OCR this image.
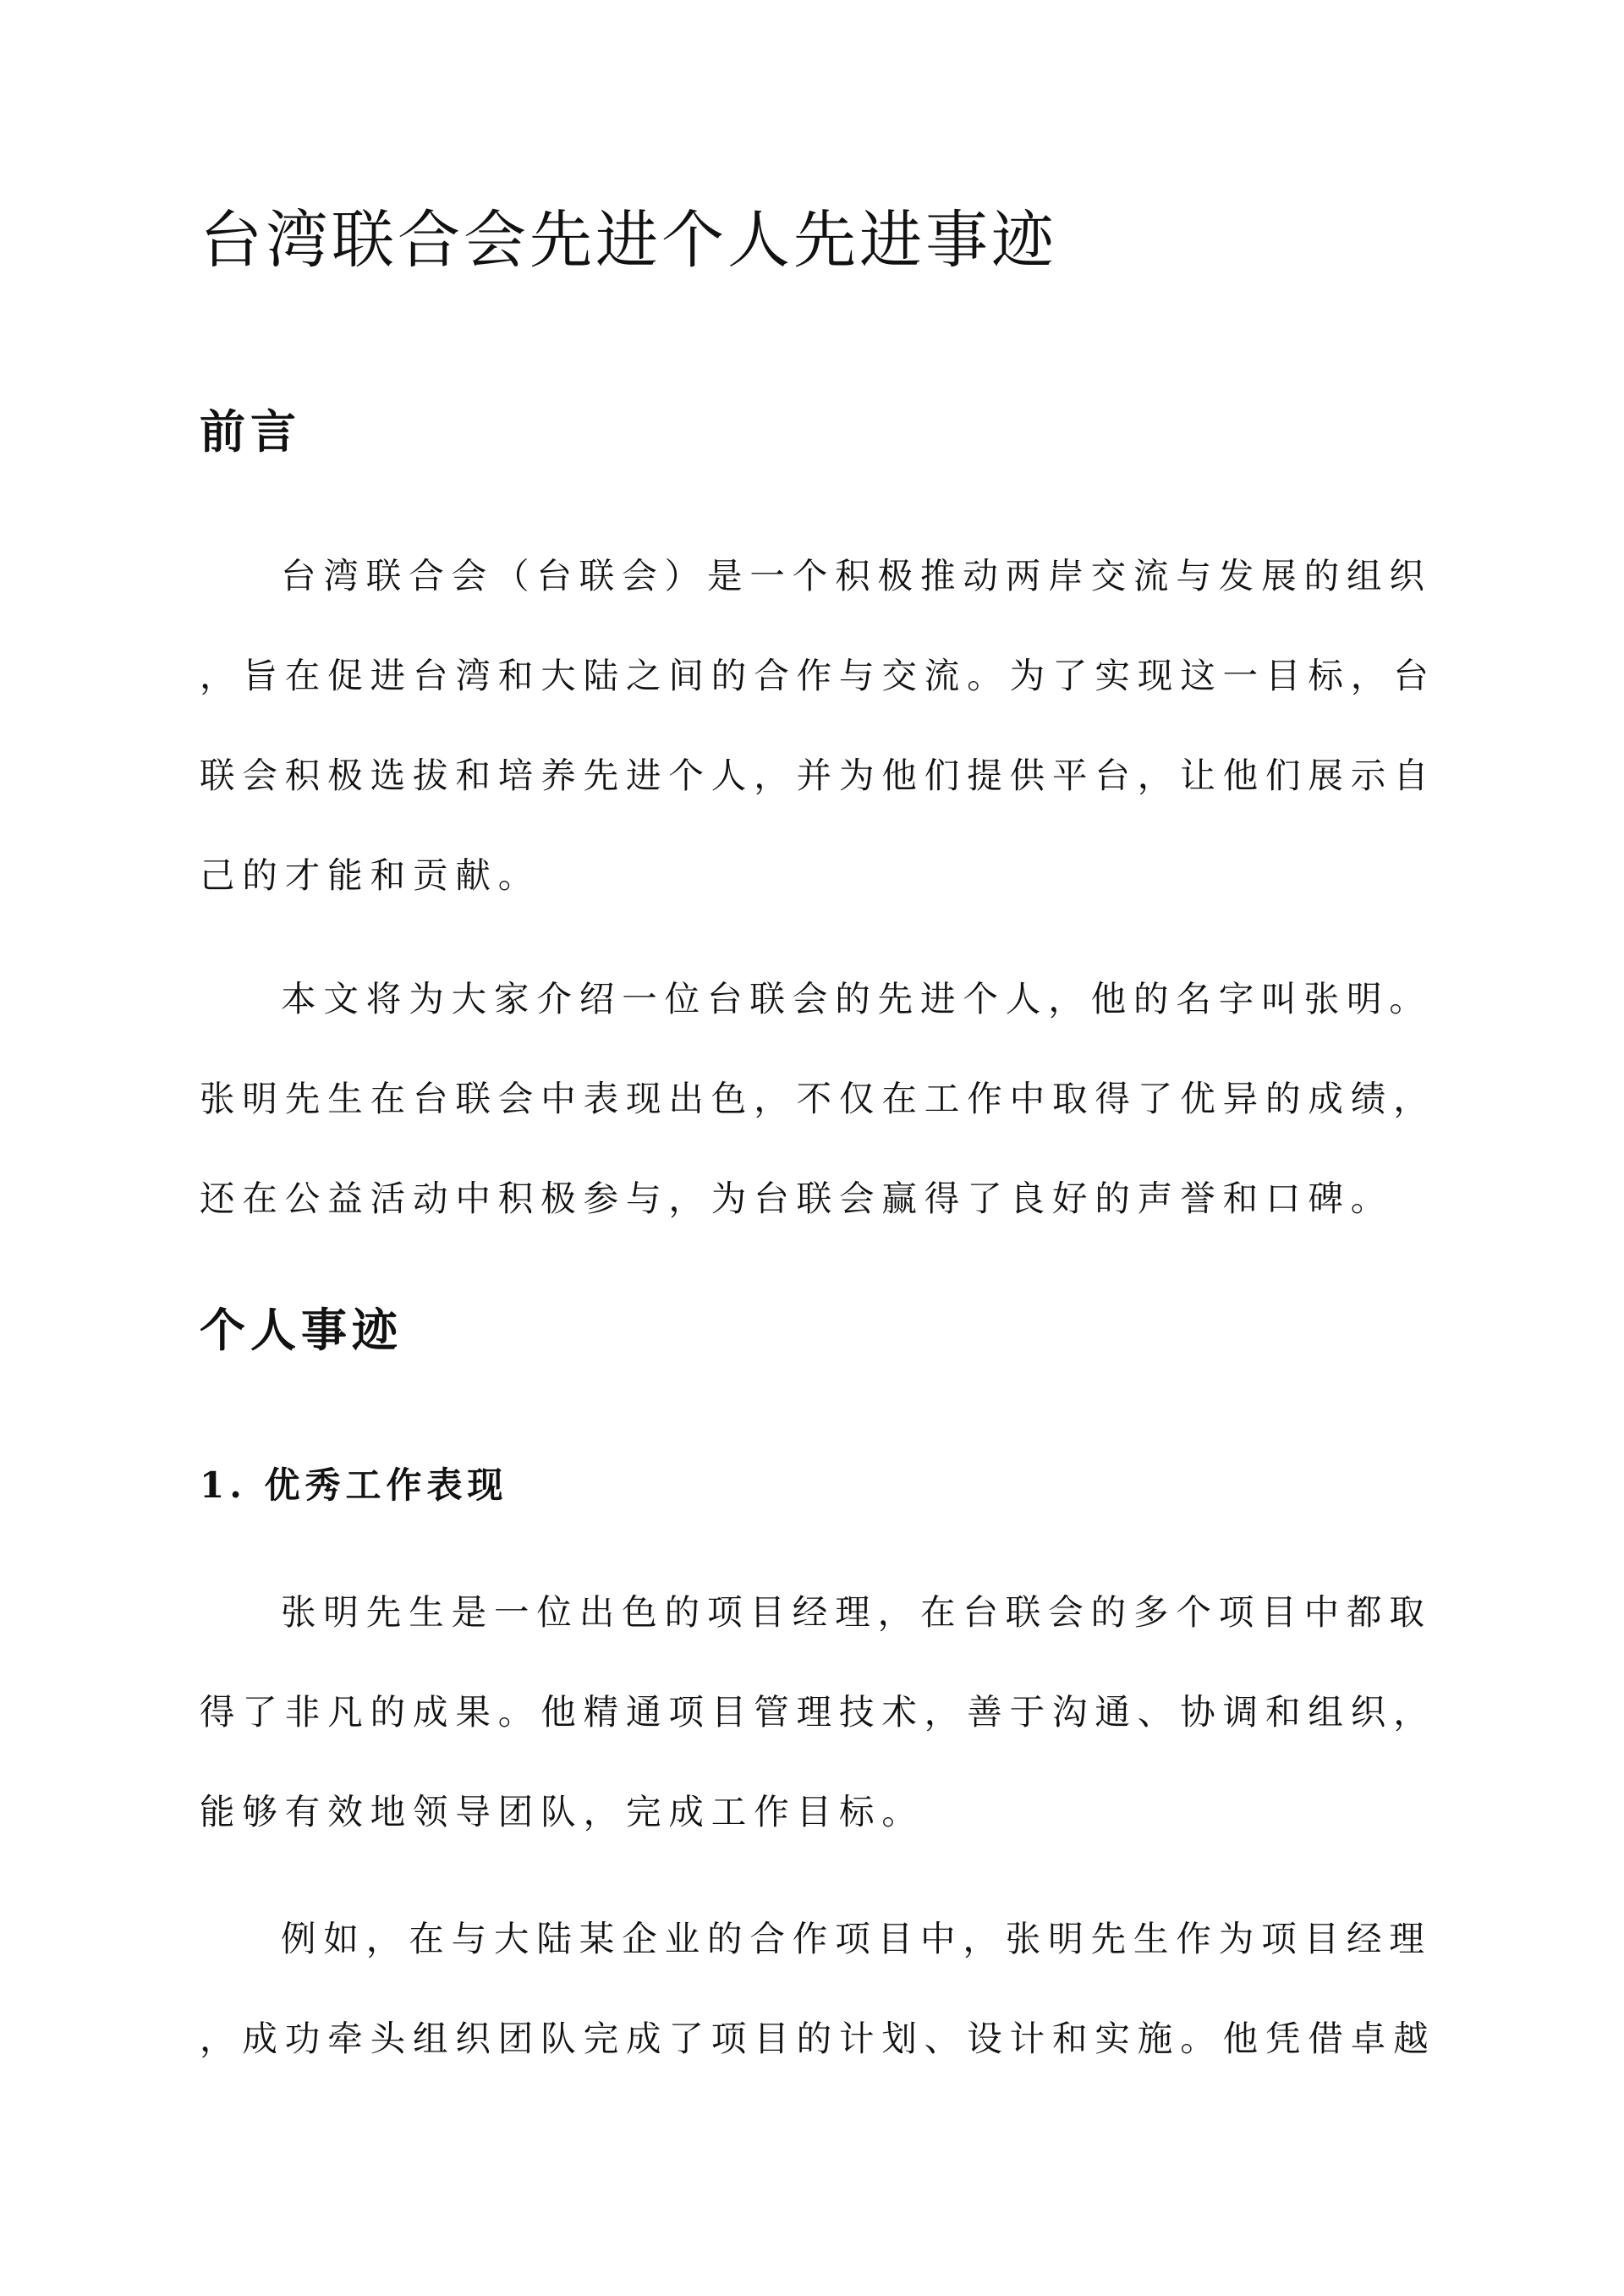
台湾联合会先进个人先进事迹
前言
台湾联合会（台联会）是一个积极推动两岸交流与发展的组织
，旨在促进台湾和大陆之间的合作与交流。为了实现这一目标，台
联会积极选拔和培养先进个人，并为他们提供平台，让他们展示自
己的才能和贡献。
本文将为大家介绍一位台联会的先进个人，他的名字叫张明。
张明先生在台联会中表现出色，不仅在工作中取得了优异的成绩，
还在公益活动中积极参与，为台联会赢得了良好的声誉和口碑。
个人事迹
1. 优秀工作表现
张明先生是一位出色的项目经理，在台联会的多个项目中都取
得了非凡的成果。他精通项目管理技术，善于沟通、协调和组织，
能够有效地领导团队，完成工作目标。
例如，在与大陆某企业的合作项目中，张明先生作为项目经理
，成功牵头组织团队完成了项目的计划、设计和实施。他凭借卓越
